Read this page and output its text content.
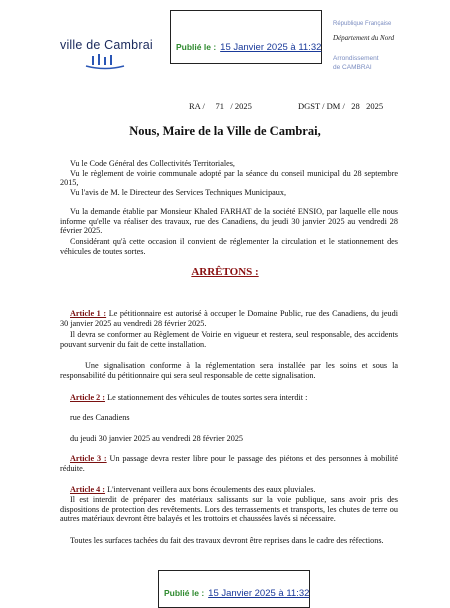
ville de Cambrai	Publié le : 15 Janvier 2025 à 11:32
République Française
Département du Nord
Arrondissement
de CAMBRAI
RA / 71 / 2025	DGST / DM / 28 2025
Nous, Maire de la Ville de Cambrai,
Vu le Code Général des Collectivités Territoriales,
Vu le règlement de voirie communale adopté par la séance du conseil municipal du 28 septembre 2015,
Vu l'avis de M. le Directeur des Services Techniques Municipaux,
Vu la demande établie par Monsieur Khaled FARHAT de la société ENSIO, par laquelle elle nous informe qu'elle va réaliser des travaux, rue des Canadiens, du jeudi 30 janvier 2025 au vendredi 28 février 2025.
Considérant qu'à cette occasion il convient de réglementer la circulation et le stationnement des véhicules de toutes sortes.
ARRÊTONS :
Article 1 : Le pétitionnaire est autorisé à occuper le Domaine Public, rue des Canadiens, du jeudi 30 janvier 2025 au vendredi 28 février 2025.
Il devra se conformer au Règlement de Voirie en vigueur et restera, seul responsable, des accidents pouvant survenir du fait de cette installation.
Une signalisation conforme à la réglementation sera installée par les soins et sous la responsabilité du pétitionnaire qui sera seul responsable de cette signalisation.
Article 2 : Le stationnement des véhicules de toutes sortes sera interdit :
rue des Canadiens
du jeudi 30 janvier 2025 au vendredi 28 février 2025
Article 3 : Un passage devra rester libre pour le passage des piétons et des personnes à mobilité réduite.
Article 4 : L'intervenant veillera aux bons écoulements des eaux pluviales.
Il est interdit de préparer des matériaux salissants sur la voie publique, sans avoir pris des dispositions de protection des revêtements. Lors des terrassements et transports, les chutes de terre ou autres matériaux devront être balayés et les trottoirs et chaussées lavés si nécessaire.
Toutes les surfaces tachées du fait des travaux devront être reprises dans le cadre des réfections.
Publié le : 15 Janvier 2025 à 11:32
